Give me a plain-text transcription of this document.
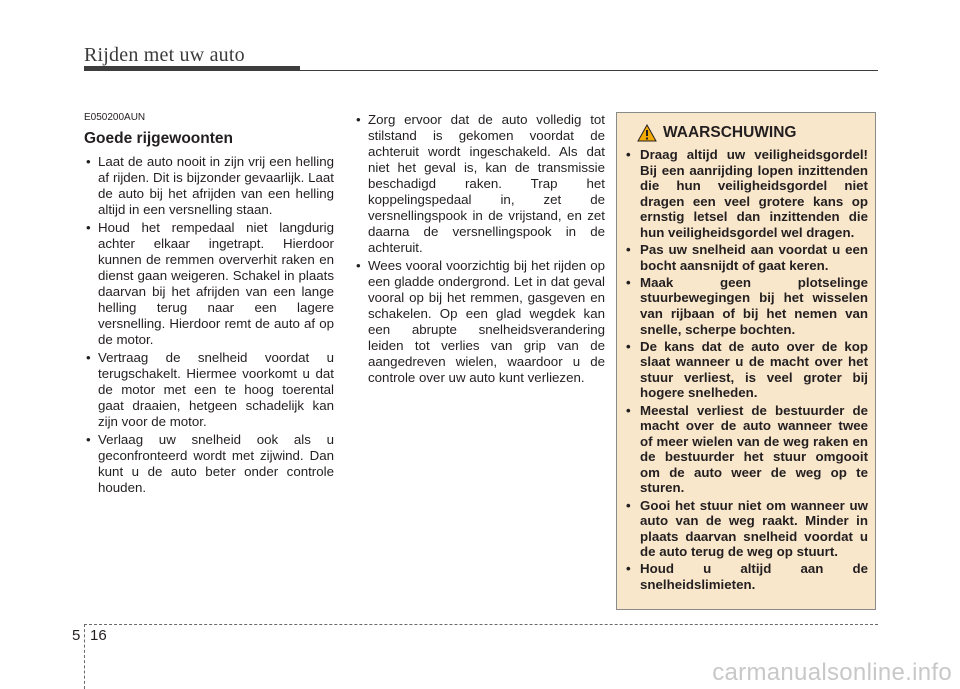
Rijden met uw auto
E050200AUN
Goede rijgewoonten
• Laat de auto nooit in zijn vrij een helling af rijden. Dit is bijzonder gevaarlijk. Laat de auto bij het afrijden van een helling altijd in een versnelling staan.
• Houd het rempedaal niet langdurig achter elkaar ingetrapt. Hierdoor kunnen de remmen oververhit raken en dienst gaan weigeren. Schakel in plaats daarvan bij het afrijden van een lange helling terug naar een lagere versnelling. Hierdoor remt de auto af op de motor.
• Vertraag de snelheid voordat u terugschakelt. Hiermee voorkomt u dat de motor met een te hoog toerental gaat draaien, hetgeen schadelijk kan zijn voor de motor.
• Verlaag uw snelheid ook als u geconfronteerd wordt met zijwind. Dan kunt u de auto beter onder controle houden.
• Zorg ervoor dat de auto volledig tot stilstand is gekomen voordat de achteruit wordt ingeschakeld. Als dat niet het geval is, kan de transmissie beschadigd raken. Trap het koppelingspedaal in, zet de versnellingspook in de vrijstand, en zet daarna de versnellingspook in de achteruit.
• Wees vooral voorzichtig bij het rijden op een gladde ondergrond. Let in dat geval vooral op bij het remmen, gasgeven en schakelen. Op een glad wegdek kan een abrupte snelheidsverandering leiden tot verlies van grip van de aangedreven wielen, waardoor u de controle over uw auto kunt verliezen.
WAARSCHUWING
• Draag altijd uw veiligheidsgordel! Bij een aanrijding lopen inzittenden die hun veiligheidsgordel niet dragen een veel grotere kans op ernstig letsel dan inzittenden die hun veiligheidsgordel wel dragen.
• Pas uw snelheid aan voordat u een bocht aansnijdt of gaat keren.
• Maak geen plotselinge stuurbewegingen bij het wisselen van rijbaan of bij het nemen van snelle, scherpe bochten.
• De kans dat de auto over de kop slaat wanneer u de macht over het stuur verliest, is veel groter bij hogere snelheden.
• Meestal verliest de bestuurder de macht over de auto wanneer twee of meer wielen van de weg raken en de bestuurder het stuur omgooit om de auto weer de weg op te sturen.
• Gooi het stuur niet om wanneer uw auto van de weg raakt. Minder in plaats daarvan snelheid voordat u de auto terug de weg op stuurt.
• Houd u altijd aan de snelheidslimieten.
5 16
carmanualsonline.info
